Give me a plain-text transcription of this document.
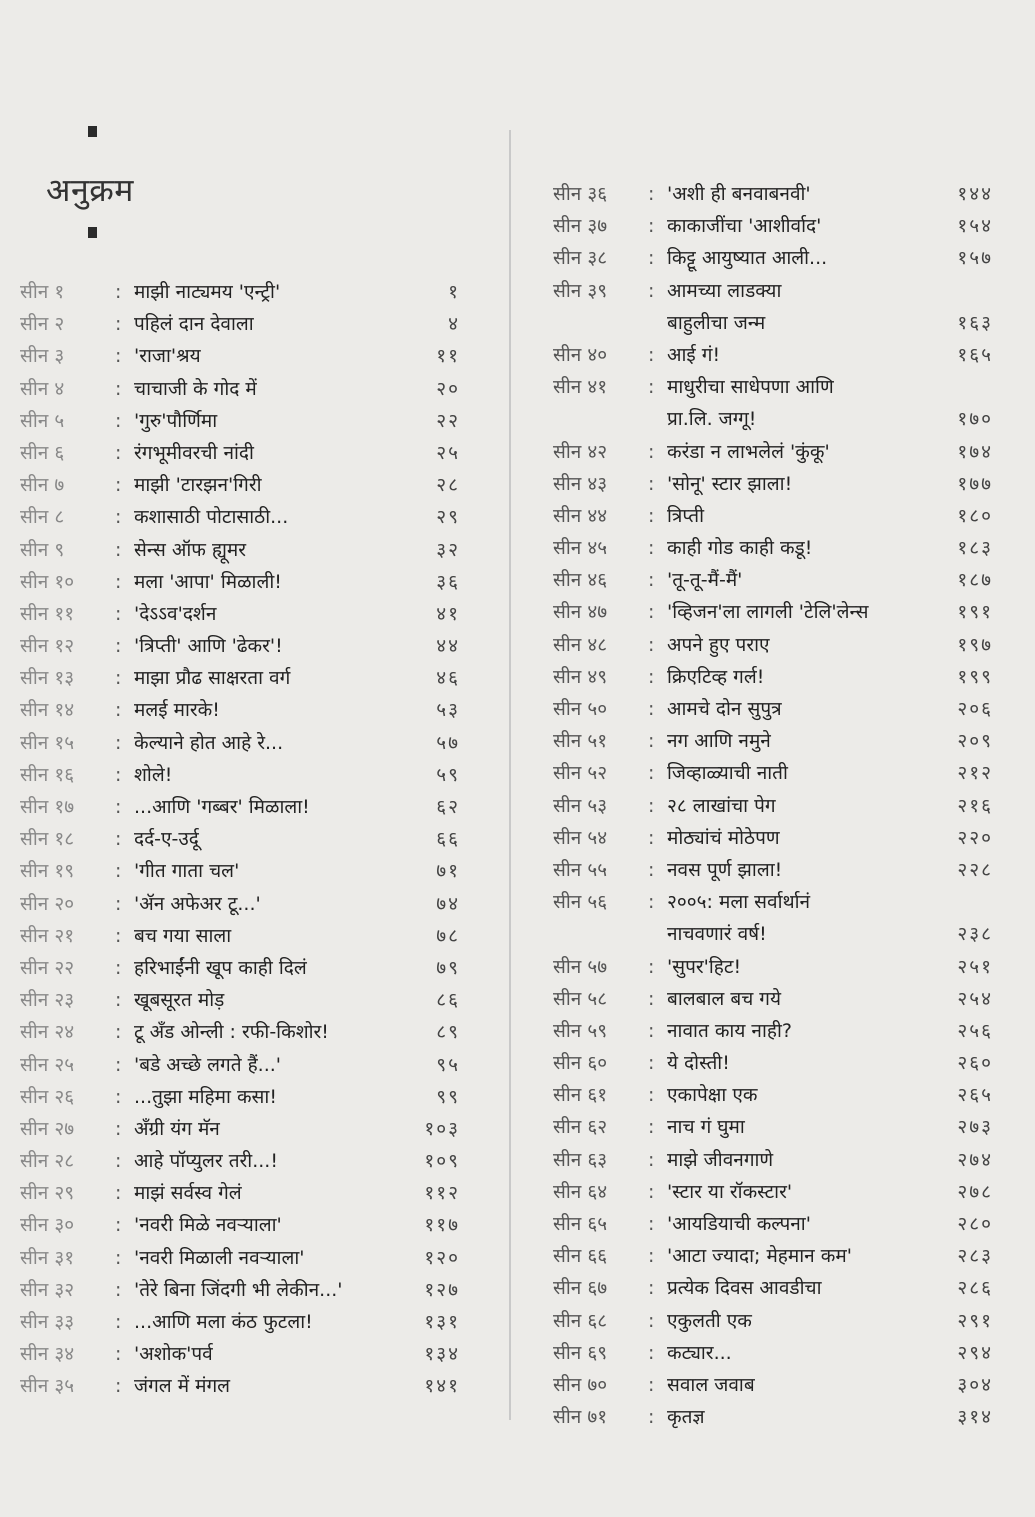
अनुक्रम
सीन १	: माझी नाट्यमय 'एन्ट्री'	१
सीन २	: पहिलं दान देवाला	४
सीन ३	: 'राजा'श्रय	११
सीन ४	: चाचाजी के गोद में	२०
सीन ५	: 'गुरु'पौर्णिमा	२२
सीन ६	: रंगभूमीवरची नांदी	२५
सीन ७	: माझी 'टारझन'गिरी	२८
सीन ८	: कशासाठी पोटासाठी...	२९
सीन ९	: सेन्स ऑफ ह्यूमर	३२
सीन १० : मला 'आपा' मिळाली!	३६
सीन ११ : 'देऽऽव'दर्शन	४१
सीन १२ : 'त्रिप्ती' आणि 'ढेकर'!	४४
सीन १३ : माझा प्रौढ साक्षरता वर्ग	४६
सीन १४ : मलई मारके!	५३
सीन १५ : केल्याने होत आहे रे...	५७
सीन १६ : शोले!	५९
सीन १७ : ...आणि 'गब्बर' मिळाला!	६२
सीन १८ : दर्द-ए-उर्दू	६६
सीन १९ : 'गीत गाता चल'	७१
सीन २० : 'ॲन अफेअर टू...'	७४
सीन २१ : बच गया साला	७८
सीन २२ : हरिभाईंनी खूप काही दिलं	७९
सीन २३ : खूबसूरत मोड़	८६
सीन २४ : टू अँड ओन्ली : रफी-किशोर!	८९
सीन २५ : 'बडे अच्छे लगते हैं...'	९५
सीन २६ : ...तुझा महिमा कसा!	९९
सीन २७ : अँग्री यंग मॅन	१०३
सीन २८ : आहे पॉप्युलर तरी...!	१०९
सीन २९ : माझं सर्वस्व गेलं	११२
सीन ३० : 'नवरी मिळे नवऱ्याला'	११७
सीन ३१ : 'नवरी मिळाली नवऱ्याला'	१२०
सीन ३२ : 'तेरे बिना जिंदगी भी लेकीन...'	१२७
सीन ३३ : ...आणि मला कंठ फुटला!	१३१
सीन ३४ : 'अशोक'पर्व	१३४
सीन ३५ : जंगल में मंगल	१४१
सीन ३६ : 'अशी ही बनवाबनवी'	१४४
सीन ३७ : काकाजींचा 'आशीर्वाद'	१५४
सीन ३८ : किट्टू आयुष्यात आली...	१५७
सीन ३९ : आमच्या लाडक्या
बाहुलीचा जन्म	१६३
सीन ४० : आई गं!	१६५
सीन ४१ : माधुरीचा साधेपणा आणि
प्रा.लि. जग्गू!	१७०
सीन ४२ : करंडा न लाभलेलं 'कुंकू'	१७४
सीन ४३ : 'सोनू' स्टार झाला!	१७७
सीन ४४ : त्रिप्ती	१८०
सीन ४५ : काही गोड काही कडू!	१८३
सीन ४६ : 'तू-तू-मैं-मैं'	१८७
सीन ४७ : 'व्हिजन'ला लागली 'टेलि'लेन्स	१९१
सीन ४८ : अपने हुए पराए	१९७
सीन ४९ : क्रिएटिव्ह गर्ल!	१९९
सीन ५० : आमचे दोन सुपुत्र	२०६
सीन ५१ : नग आणि नमुने	२०९
सीन ५२ : जिव्हाळ्याची नाती	२१२
सीन ५३ : २८ लाखांचा पेग	२१६
सीन ५४ : मोठ्यांचं मोठेपण	२२०
सीन ५५ : नवस पूर्ण झाला!	२२८
सीन ५६ : २००५: मला सर्वार्थानं
नाचवणारं वर्ष!	२३८
सीन ५७ : 'सुपर'हिट!	२५१
सीन ५८ : बालबाल बच गये	२५४
सीन ५९ : नावात काय नाही?	२५६
सीन ६० : ये दोस्ती!	२६०
सीन ६१ : एकापेक्षा एक	२६५
सीन ६२ : नाच गं घुमा	२७३
सीन ६३ : माझे जीवनगाणे	२७४
सीन ६४ : 'स्टार या रॉकस्टार'	२७८
सीन ६५ : 'आयडियाची कल्पना'	२८०
सीन ६६ : 'आटा ज्यादा; मेहमान कम'	२८३
सीन ६७ : प्रत्येक दिवस आवडीचा	२८६
सीन ६८ : एकुलती एक	२९१
सीन ६९ : कट्यार...	२९४
सीन ७० : सवाल जवाब	३०४
सीन ७१ : कृतज्ञ	३१४
